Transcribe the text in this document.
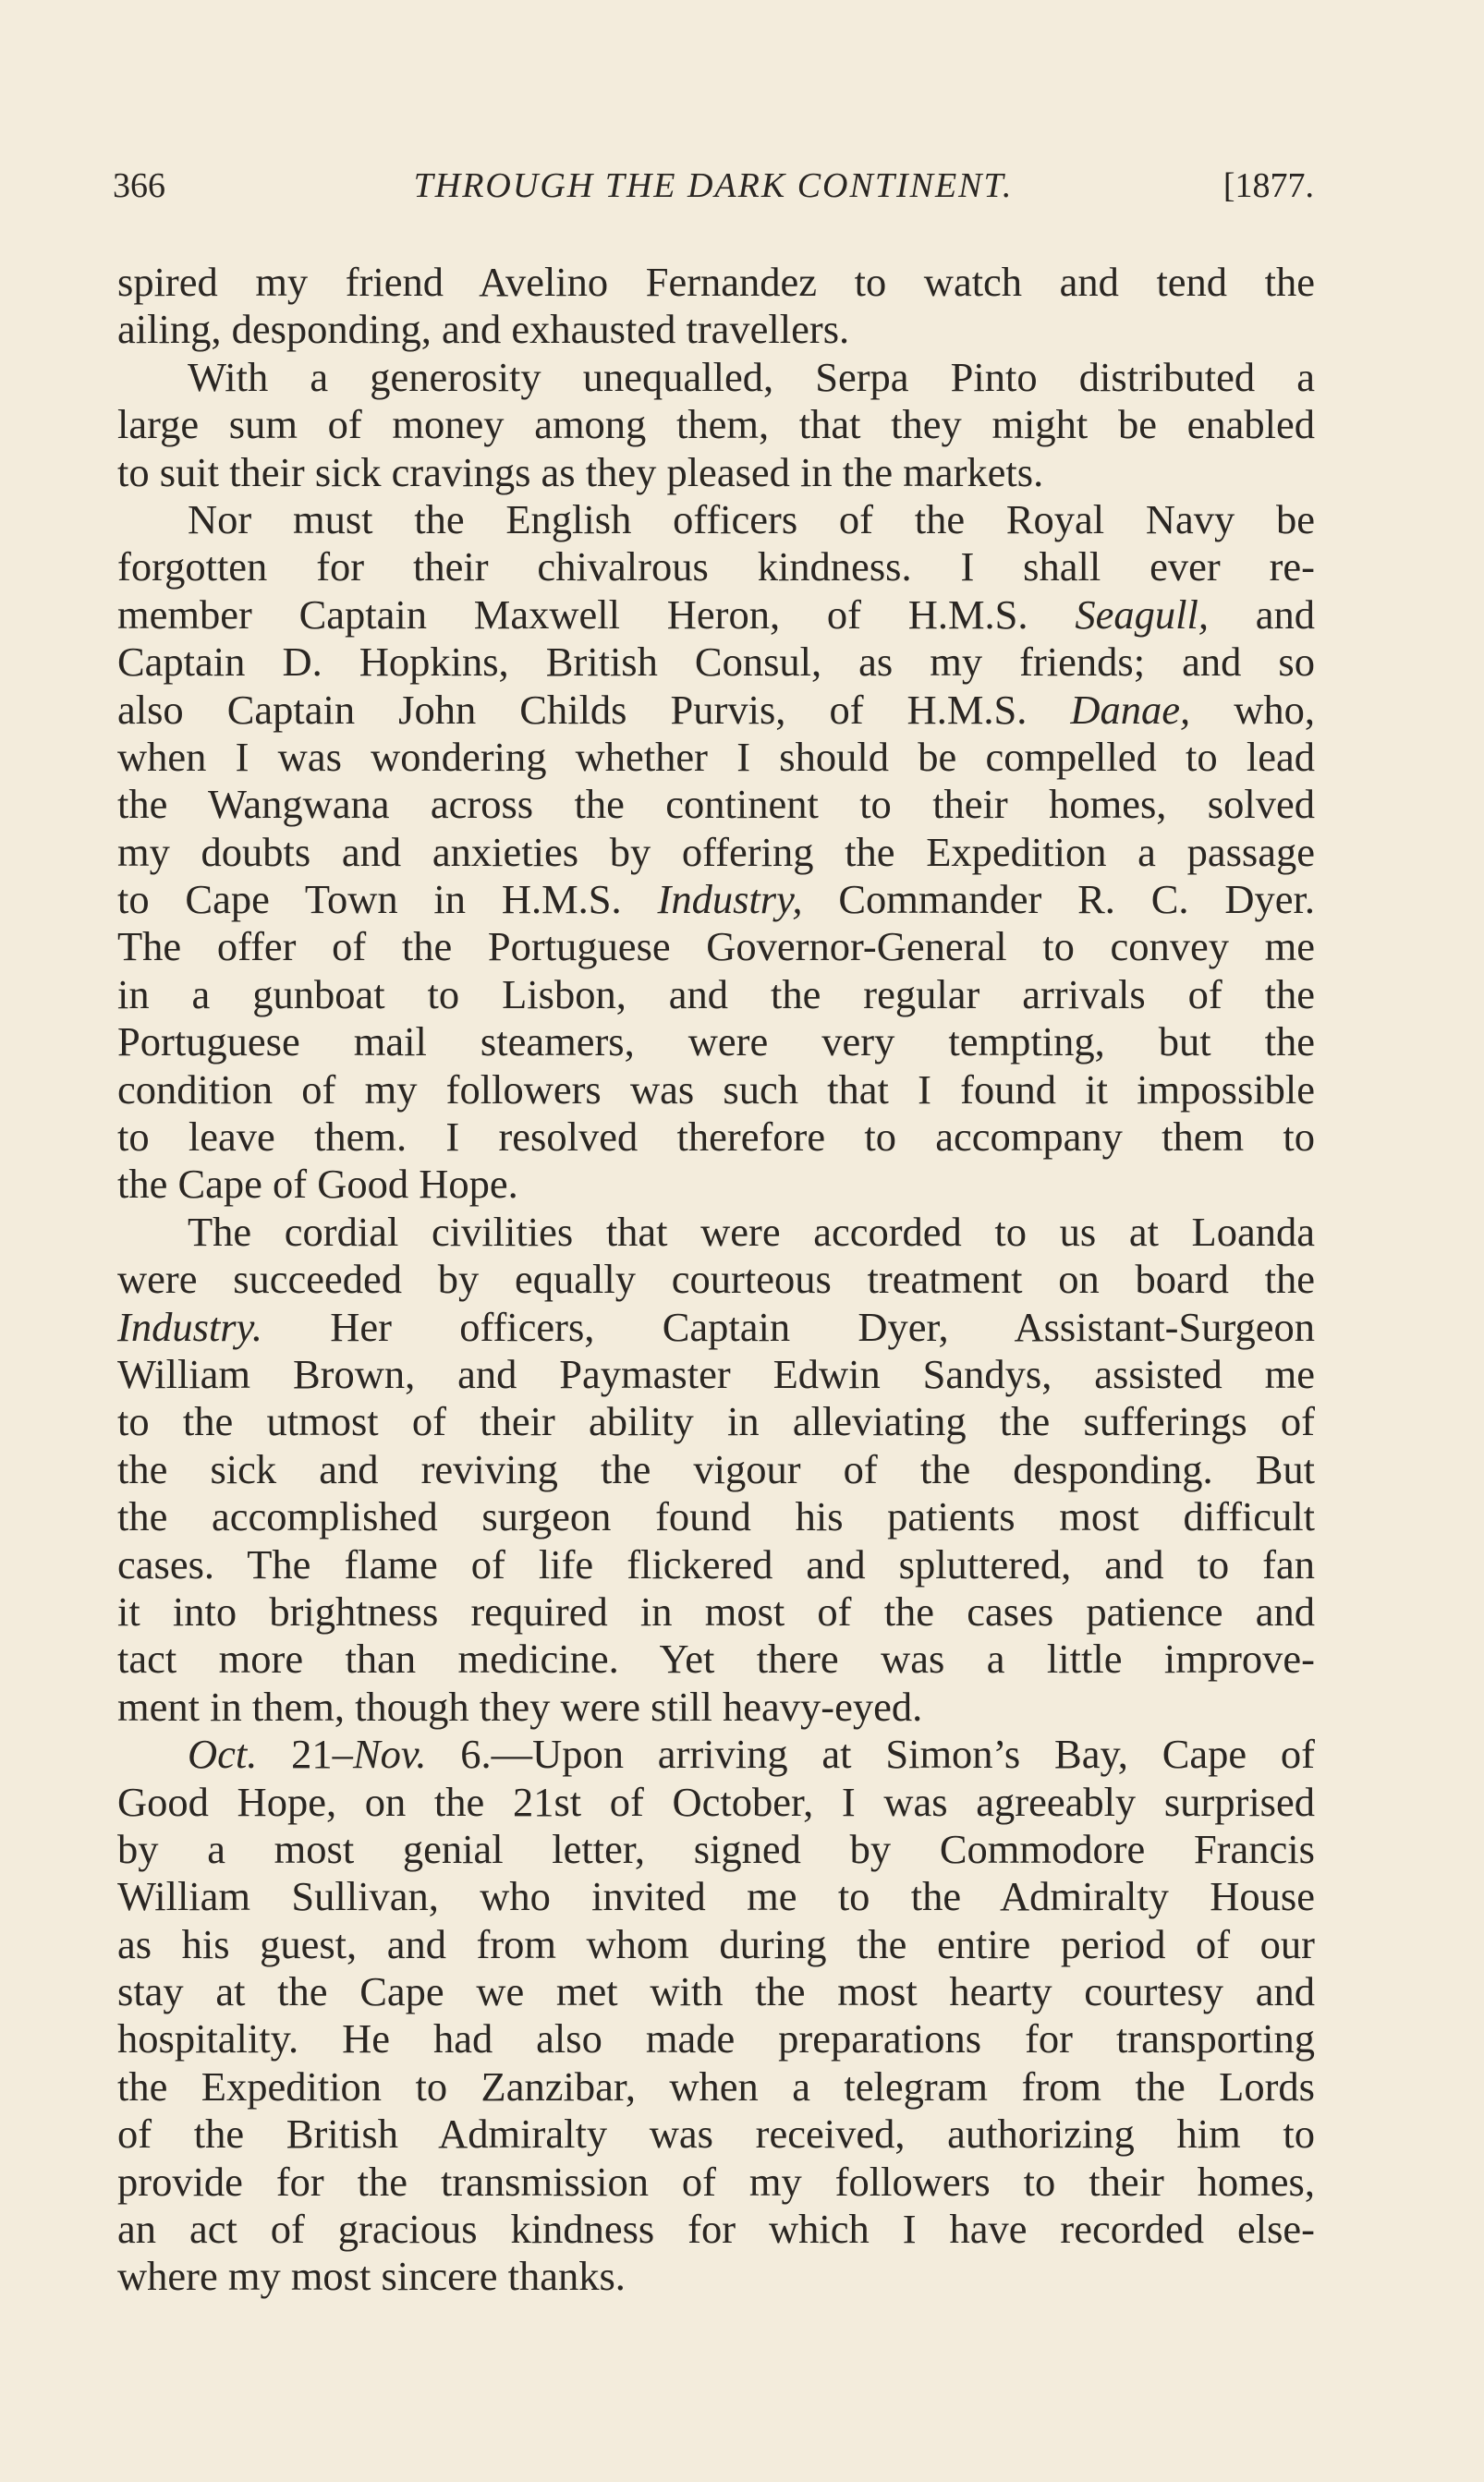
366	THROUGH THE DARK CONTINENT.	[1877.
spired my friend Avelino Fernandez to watch and tend the
ailing, desponding, and exhausted travellers.
With a generosity unequalled, Serpa Pinto distributed a
large sum of money among them, that they might be enabled
to suit their sick cravings as they pleased in the markets.
Nor must the English officers of the Royal Navy be
forgotten for their chivalrous kindness. I shall ever re-
member Captain Maxwell Heron, of H.M.S. Seagull, and
Captain D. Hopkins, British Consul, as my friends; and so
also Captain John Childs Purvis, of H.M.S. Danae, who,
when I was wondering whether I should be compelled to lead
the Wangwana across the continent to their homes, solved
my doubts and anxieties by offering the Expedition a passage
to Cape Town in H.M.S. Industry, Commander R. C. Dyer.
The offer of the Portuguese Governor-General to convey me
in a gunboat to Lisbon, and the regular arrivals of the
Portuguese mail steamers, were very tempting, but the
condition of my followers was such that I found it impossible
to leave them. I resolved therefore to accompany them to
the Cape of Good Hope.
The cordial civilities that were accorded to us at Loanda
were succeeded by equally courteous treatment on board the
Industry. Her officers, Captain Dyer, Assistant-Surgeon
William Brown, and Paymaster Edwin Sandys, assisted me
to the utmost of their ability in alleviating the sufferings of
the sick and reviving the vigour of the desponding. But
the accomplished surgeon found his patients most difficult
cases. The flame of life flickered and spluttered, and to fan
it into brightness required in most of the cases patience and
tact more than medicine. Yet there was a little improve-
ment in them, though they were still heavy-eyed.
Oct. 21–Nov. 6.—Upon arriving at Simon’s Bay, Cape of
Good Hope, on the 21st of October, I was agreeably surprised
by a most genial letter, signed by Commodore Francis
William Sullivan, who invited me to the Admiralty House
as his guest, and from whom during the entire period of our
stay at the Cape we met with the most hearty courtesy and
hospitality. He had also made preparations for transporting
the Expedition to Zanzibar, when a telegram from the Lords
of the British Admiralty was received, authorizing him to
provide for the transmission of my followers to their homes,
an act of gracious kindness for which I have recorded else-
where my most sincere thanks.
